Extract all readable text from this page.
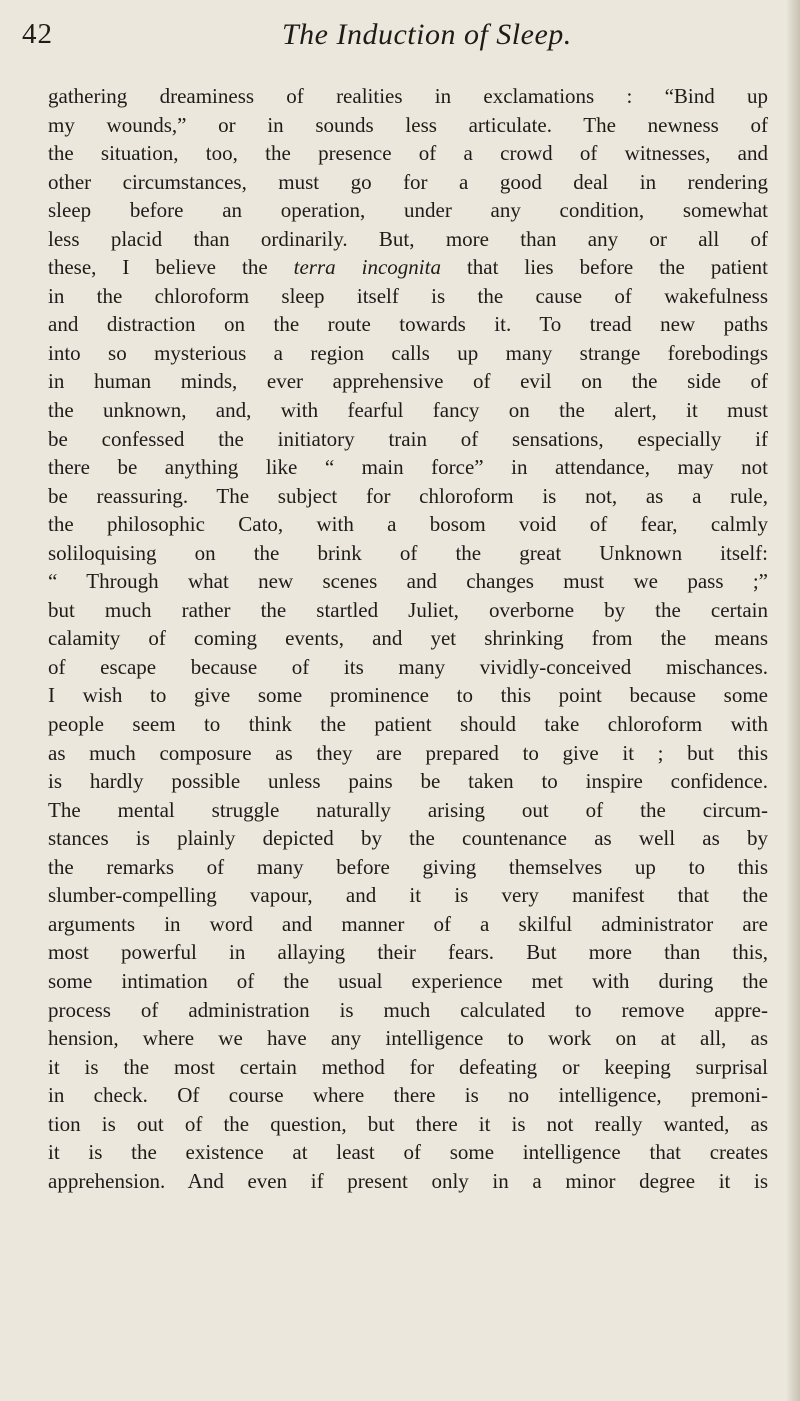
42	The Induction of Sleep.
gathering dreaminess of realities in exclamations : “Bind up
my wounds,” or in sounds less articulate. The newness of
the situation, too, the presence of a crowd of witnesses, and
other circumstances, must go for a good deal in rendering
sleep before an operation, under any condition, somewhat
less placid than ordinarily. But, more than any or all of
these, I believe the terra incognita that lies before the patient
in the chloroform sleep itself is the cause of wakefulness
and distraction on the route towards it. To tread new paths
into so mysterious a region calls up many strange forebodings
in human minds, ever apprehensive of evil on the side of
the unknown, and, with fearful fancy on the alert, it must
be confessed the initiatory train of sensations, especially if
there be anything like “ main force” in attendance, may not
be reassuring. The subject for chloroform is not, as a rule,
the philosophic Cato, with a bosom void of fear, calmly
soliloquising on the brink of the great Unknown itself:
“ Through what new scenes and changes must we pass ;”
but much rather the startled Juliet, overborne by the certain
calamity of coming events, and yet shrinking from the means
of escape because of its many vividly-conceived mischances.
I wish to give some prominence to this point because some
people seem to think the patient should take chloroform with
as much composure as they are prepared to give it ; but this
is hardly possible unless pains be taken to inspire confidence.
The mental struggle naturally arising out of the circum-
stances is plainly depicted by the countenance as well as by
the remarks of many before giving themselves up to this
slumber-compelling vapour, and it is very manifest that the
arguments in word and manner of a skilful administrator are
most powerful in allaying their fears. But more than this,
some intimation of the usual experience met with during the
process of administration is much calculated to remove appre-
hension, where we have any intelligence to work on at all, as
it is the most certain method for defeating or keeping surprisal
in check. Of course where there is no intelligence, premoni-
tion is out of the question, but there it is not really wanted, as
it is the existence at least of some intelligence that creates
apprehension. And even if present only in a minor degree it is
